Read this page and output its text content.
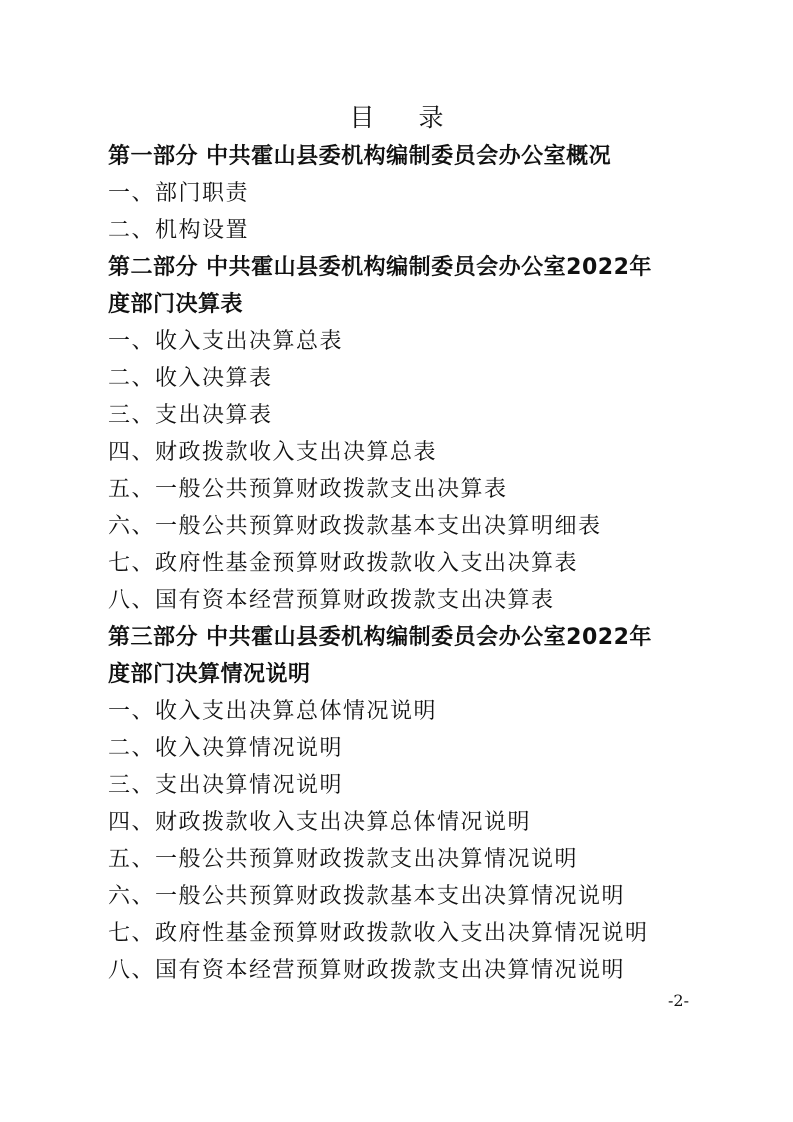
目 录
第一部分 中共霍山县委机构编制委员会办公室概况
一、部门职责
二、机构设置
第二部分 中共霍山县委机构编制委员会办公室2022年
度部门决算表
一、收入支出决算总表
二、收入决算表
三、支出决算表
四、财政拨款收入支出决算总表
五、一般公共预算财政拨款支出决算表
六、一般公共预算财政拨款基本支出决算明细表
七、政府性基金预算财政拨款收入支出决算表
八、国有资本经营预算财政拨款支出决算表
第三部分 中共霍山县委机构编制委员会办公室2022年
度部门决算情况说明
一、收入支出决算总体情况说明
二、收入决算情况说明
三、支出决算情况说明
四、财政拨款收入支出决算总体情况说明
五、一般公共预算财政拨款支出决算情况说明
六、一般公共预算财政拨款基本支出决算情况说明
七、政府性基金预算财政拨款收入支出决算情况说明
八、国有资本经营预算财政拨款支出决算情况说明
-2-
